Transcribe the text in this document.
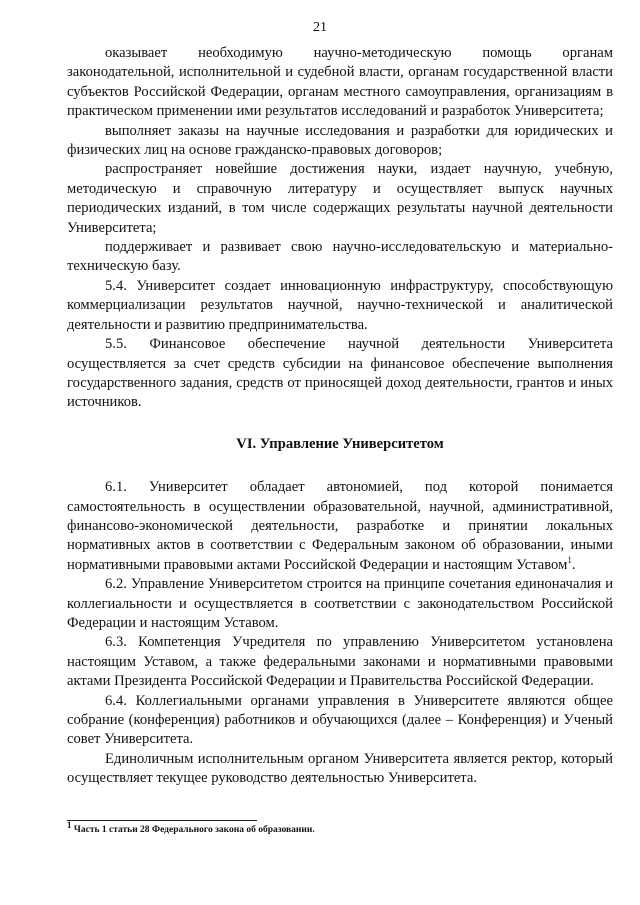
21

оказывает необходимую научно-методическую помощь органам законодательной, исполнительной и судебной власти, органам государственной власти субъектов Российской Федерации, органам местного самоуправления, организациям в практическом применении ими результатов исследований и разработок Университета;

выполняет заказы на научные исследования и разработки для юридических и физических лиц на основе гражданско-правовых договоров;

распространяет новейшие достижения науки, издает научную, учебную, методическую и справочную литературу и осуществляет выпуск научных периодических изданий, в том числе содержащих результаты научной деятельности Университета;

поддерживает и развивает свою научно-исследовательскую и материально-техническую базу.

5.4. Университет создает инновационную инфраструктуру, способствующую коммерциализации результатов научной, научно-технической и аналитической деятельности и развитию предпринимательства.

5.5. Финансовое обеспечение научной деятельности Университета осуществляется за счет средств субсидии на финансовое обеспечение выполнения государственного задания, средств от приносящей доход деятельности, грантов и иных источников.

VI. Управление Университетом

6.1. Университет обладает автономией, под которой понимается самостоятельность в осуществлении образовательной, научной, административной, финансово-экономической деятельности, разработке и принятии локальных нормативных актов в соответствии с Федеральным законом об образовании, иными нормативными правовыми актами Российской Федерации и настоящим Уставом$^1$.

6.2. Управление Университетом строится на принципе сочетания единоначалия и коллегиальности и осуществляется в соответствии с законодательством Российской Федерации и настоящим Уставом.

6.3. Компетенция Учредителя по управлению Университетом установлена настоящим Уставом, а также федеральными законами и нормативными правовыми актами Президента Российской Федерации и Правительства Российской Федерации.

6.4. Коллегиальными органами управления в Университете являются общее собрание (конференция) работников и обучающихся (далее – Конференция) и Ученый совет Университета.

Единоличным исполнительным органом Университета является ректор, который осуществляет текущее руководство деятельностью Университета.

$^1$ Часть 1 статьи 28 Федерального закона об образовании.
